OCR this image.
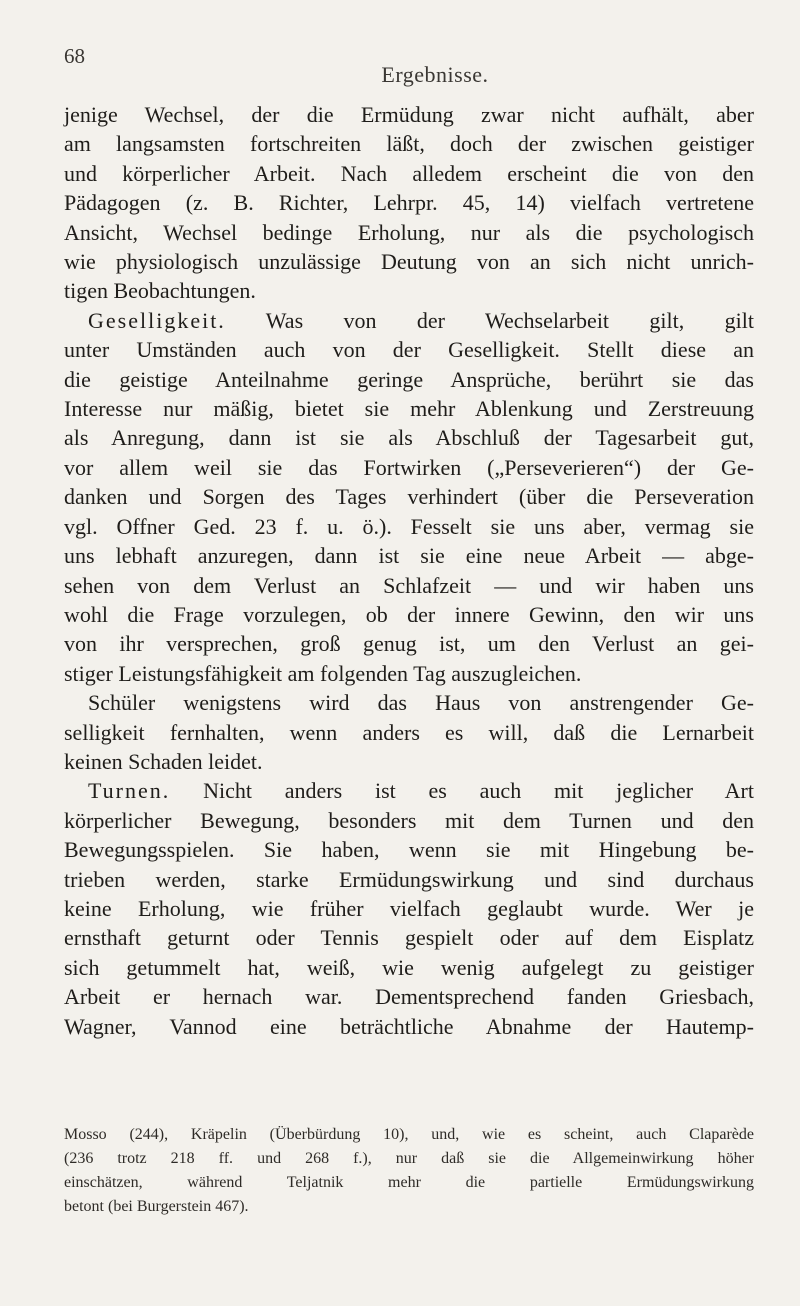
68
Ergebnisse.
jenige Wechsel, der die Ermüdung zwar nicht aufhält, aber
am langsamsten fortschreiten läßt, doch der zwischen geistiger
und körperlicher Arbeit. Nach alledem erscheint die von den
Pädagogen (z. B. Richter, Lehrpr. 45, 14) vielfach vertretene
Ansicht, Wechsel bedinge Erholung, nur als die psychologisch
wie physiologisch unzulässige Deutung von an sich nicht unrich-
tigen Beobachtungen.
Geselligkeit. Was von der Wechselarbeit gilt, gilt
unter Umständen auch von der Geselligkeit. Stellt diese an
die geistige Anteilnahme geringe Ansprüche, berührt sie das
Interesse nur mäßig, bietet sie mehr Ablenkung und Zerstreuung
als Anregung, dann ist sie als Abschluß der Tagesarbeit gut,
vor allem weil sie das Fortwirken („Perseverieren“) der Ge-
danken und Sorgen des Tages verhindert (über die Perseveration
vgl. Offner Ged. 23 f. u. ö.). Fesselt sie uns aber, vermag sie
uns lebhaft anzuregen, dann ist sie eine neue Arbeit — abge-
sehen von dem Verlust an Schlafzeit — und wir haben uns
wohl die Frage vorzulegen, ob der innere Gewinn, den wir uns
von ihr versprechen, groß genug ist, um den Verlust an gei-
stiger Leistungsfähigkeit am folgenden Tag auszugleichen.
Schüler wenigstens wird das Haus von anstrengender Ge-
selligkeit fernhalten, wenn anders es will, daß die Lernarbeit
keinen Schaden leidet.
Turnen. Nicht anders ist es auch mit jeglicher Art
körperlicher Bewegung, besonders mit dem Turnen und den
Bewegungsspielen. Sie haben, wenn sie mit Hingebung be-
trieben werden, starke Ermüdungswirkung und sind durchaus
keine Erholung, wie früher vielfach geglaubt wurde. Wer je
ernsthaft geturnt oder Tennis gespielt oder auf dem Eisplatz
sich getummelt hat, weiß, wie wenig aufgelegt zu geistiger
Arbeit er hernach war. Dementsprechend fanden Griesbach,
Wagner, Vannod eine beträchtliche Abnahme der Hautemp-
Mosso (244), Kräpelin (Überbürdung 10), und, wie es scheint, auch Claparède
(236 trotz 218 ff. und 268 f.), nur daß sie die Allgemeinwirkung höher
einschätzen, während Teljatnik mehr die partielle Ermüdungswirkung
betont (bei Burgerstein 467).
